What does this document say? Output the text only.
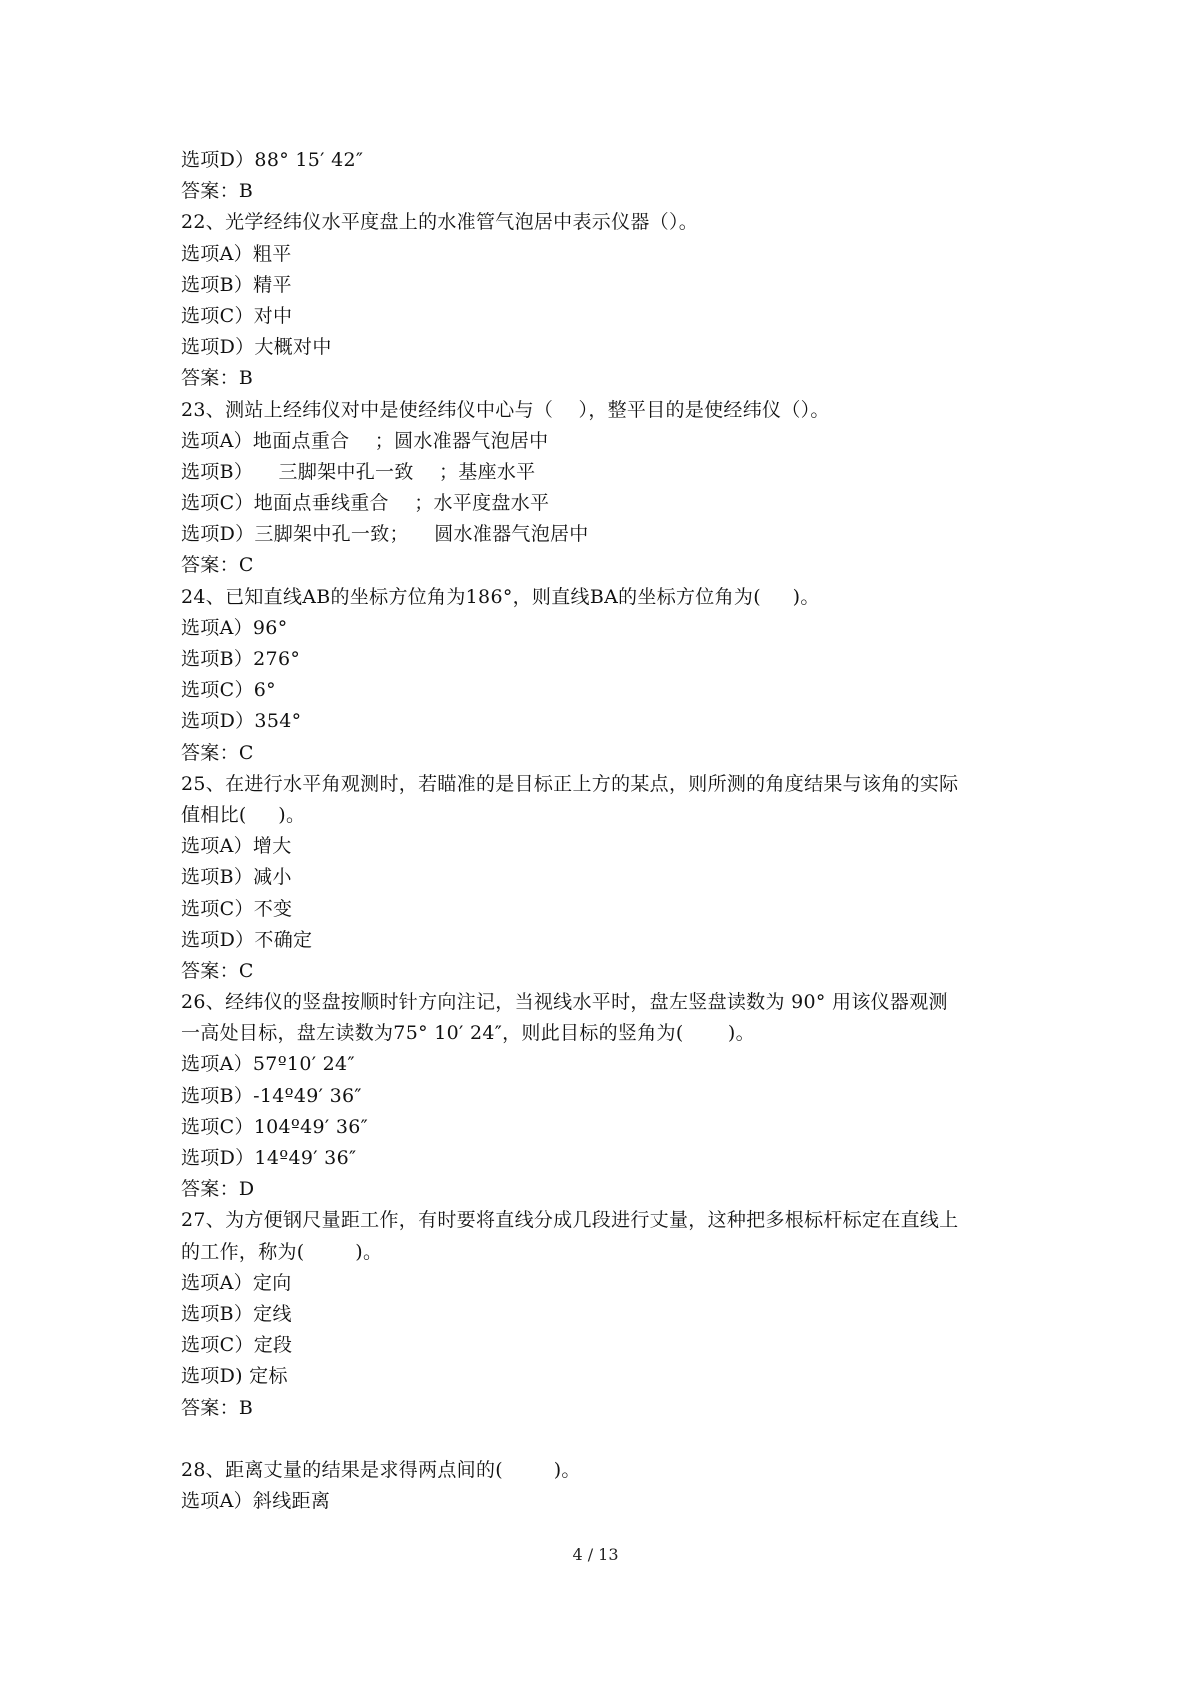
选项D）88° 15′ 42″
答案：B
22、光学经纬仪水平度盘上的水准管气泡居中表示仪器（）。
选项A）粗平
选项B）精平
选项C）对中
选项D）大概对中
答案：B
23、测站上经纬仪对中是使经纬仪中心与（    ），整平目的是使经纬仪（）。
选项A）地面点重合    ；圆水准器气泡居中
选项B）    三脚架中孔一致    ；基座水平
选项C）地面点垂线重合    ；水平度盘水平
选项D）三脚架中孔一致；    圆水准器气泡居中
答案：C
24、已知直线AB的坐标方位角为186°，则直线BA的坐标方位角为(     )。
选项A）96°
选项B）276°
选项C）6°
选项D）354°
答案：C
25、在进行水平角观测时，若瞄准的是目标正上方的某点，则所测的角度结果与该角的实际
值相比(     )。
选项A）增大
选项B）减小
选项C）不变
选项D）不确定
答案：C
26、经纬仪的竖盘按顺时针方向注记，当视线水平时，盘左竖盘读数为 90° 用该仪器观测
一高处目标，盘左读数为75° 10′ 24″，则此目标的竖角为(       )。
选项A）57º10′ 24″
选项B）-14º49′ 36″
选项C）104º49′ 36″
选项D）14º49′ 36″
答案：D
27、为方便钢尺量距工作，有时要将直线分成几段进行丈量，这种把多根标杆标定在直线上
的工作，称为(        )。
选项A）定向
选项B）定线
选项C）定段
选项D) 定标
答案：B
28、距离丈量的结果是求得两点间的(        )。
选项A）斜线距离
4 / 13
